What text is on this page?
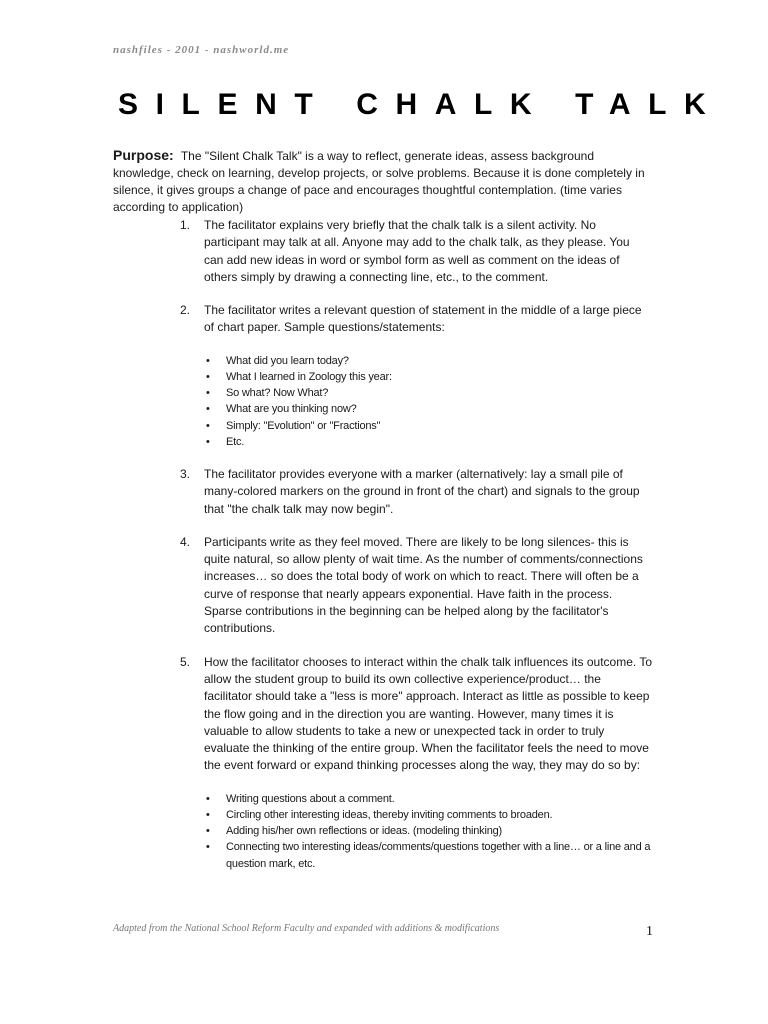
nashfiles - 2001 - nashworld.me
SILENT CHALK TALK
Purpose: The "Silent Chalk Talk" is a way to reflect, generate ideas, assess background knowledge, check on learning, develop projects, or solve problems. Because it is done completely in silence, it gives groups a change of pace and encourages thoughtful contemplation. (time varies according to application)
1. The facilitator explains very briefly that the chalk talk is a silent activity. No participant may talk at all. Anyone may add to the chalk talk, as they please. You can add new ideas in word or symbol form as well as comment on the ideas of others simply by drawing a connecting line, etc., to the comment.
2. The facilitator writes a relevant question of statement in the middle of a large piece of chart paper. Sample questions/statements:
• What did you learn today?
• What I learned in Zoology this year:
• So what? Now What?
• What are you thinking now?
• Simply: "Evolution" or "Fractions"
• Etc.
3. The facilitator provides everyone with a marker (alternatively: lay a small pile of many-colored markers on the ground in front of the chart) and signals to the group that "the chalk talk may now begin".
4. Participants write as they feel moved. There are likely to be long silences- this is quite natural, so allow plenty of wait time. As the number of comments/connections increases… so does the total body of work on which to react. There will often be a curve of response that nearly appears exponential. Have faith in the process. Sparse contributions in the beginning can be helped along by the facilitator's contributions.
5. How the facilitator chooses to interact within the chalk talk influences its outcome. To allow the student group to build its own collective experience/product… the facilitator should take a "less is more" approach. Interact as little as possible to keep the flow going and in the direction you are wanting. However, many times it is valuable to allow students to take a new or unexpected tack in order to truly evaluate the thinking of the entire group. When the facilitator feels the need to move the event forward or expand thinking processes along the way, they may do so by:
• Writing questions about a comment.
• Circling other interesting ideas, thereby inviting comments to broaden.
• Adding his/her own reflections or ideas. (modeling thinking)
• Connecting two interesting ideas/comments/questions together with a line… or a line and a question mark, etc.
Adapted from the National School Reform Faculty and expanded with additions & modifications	1
